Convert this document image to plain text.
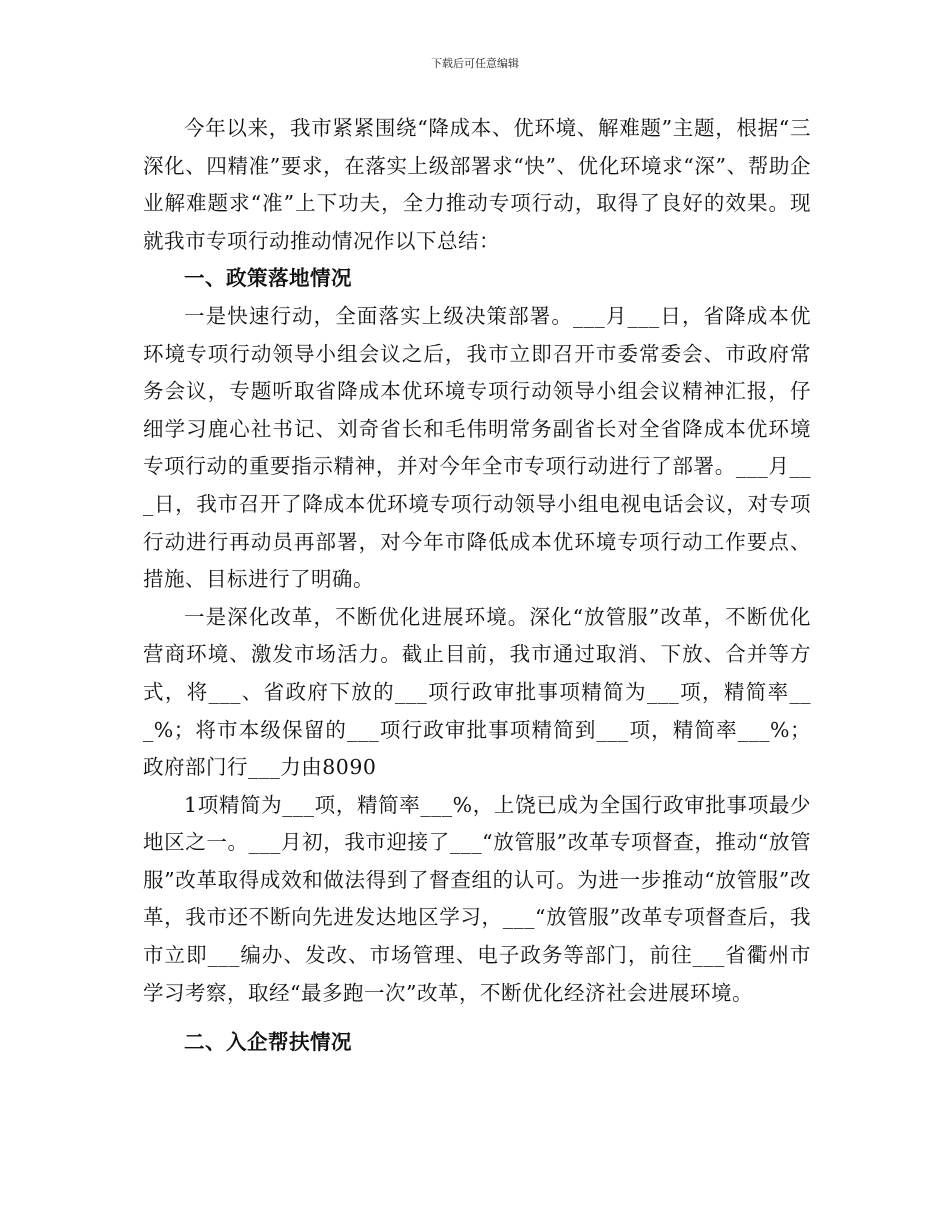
下载后可任意编辑

今年以来，我市紧紧围绕“降成本、优环境、解难题”主题，根据“三深化、四精准”要求，在落实上级部署求“快”、优化环境求“深”、帮助企业解难题求“准”上下功夫，全力推动专项行动，取得了良好的效果。现就我市专项行动推动情况作以下总结：

一、政策落地情况

一是快速行动，全面落实上级决策部署。___月___日，省降成本优环境专项行动领导小组会议之后，我市立即召开市委常委会、市政府常务会议，专题听取省降成本优环境专项行动领导小组会议精神汇报，仔细学习鹿心社书记、刘奇省长和毛伟明常务副省长对全省降成本优环境专项行动的重要指示精神，并对今年全市专项行动进行了部署。___月___日，我市召开了降成本优环境专项行动领导小组电视电话会议，对专项行动进行再动员再部署，对今年市降低成本优环境专项行动工作要点、措施、目标进行了明确。

一是深化改革，不断优化进展环境。深化“放管服”改革，不断优化营商环境、激发市场活力。截止目前，我市通过取消、下放、合并等方式，将___、省政府下放的___项行政审批事项精简为___项，精简率___%；将市本级保留的___项行政审批事项精简到___项，精简率___%；政府部门行___力由8090

1项精简为___项，精简率___%，上饶已成为全国行政审批事项最少地区之一。___月初，我市迎接了___“放管服”改革专项督查，推动“放管服”改革取得成效和做法得到了督查组的认可。为进一步推动“放管服”改革，我市还不断向先进发达地区学习，___“放管服”改革专项督查后，我市立即___编办、发改、市场管理、电子政务等部门，前往___省衢州市学习考察，取经“最多跑一次”改革，不断优化经济社会进展环境。

二、入企帮扶情况
